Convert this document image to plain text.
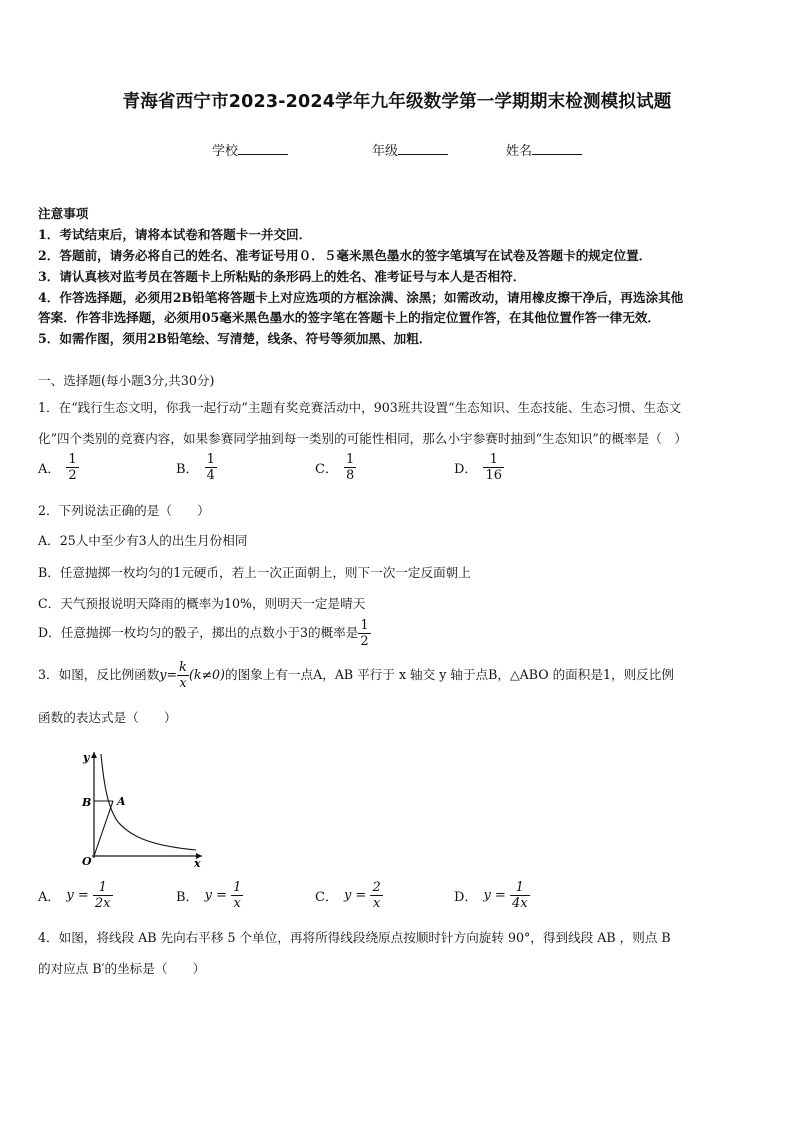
青海省西宁市2023-2024学年九年级数学第一学期期末检测模拟试题
学校	年级	姓名
注意事项
1．考试结束后，请将本试卷和答题卡一并交回．
2．答题前，请务必将自己的姓名、准考证号用０．５毫米黑色墨水的签字笔填写在试卷及答题卡的规定位置．
3．请认真核对监考员在答题卡上所粘贴的条形码上的姓名、准考证号与本人是否相符．
4．作答选择题，必须用2B铅笔将答题卡上对应选项的方框涂满、涂黑；如需改动，请用橡皮擦干净后，再选涂其他
答案．作答非选择题，必须用05毫米黑色墨水的签字笔在答题卡上的指定位置作答，在其他位置作答一律无效．
5．如需作图，须用2B铅笔绘、写清楚，线条、符号等须加黑、加粗．
一、选择题(每小题3分,共30分)
1．在“践行生态文明，你我一起行动”主题有奖竞赛活动中，903班共设置“生态知识、生态技能、生态习惯、生态文
化”四个类别的竞赛内容，如果参赛同学抽到每一类别的可能性相同，那么小宇参赛时抽到“生态知识”的概率是（　）
A． $\frac{1}{2}$	B． $\frac{1}{4}$	C． $\frac{1}{8}$	D． $\frac{1}{16}$
2．下列说法正确的是（　　）
A．25人中至少有3人的出生月份相同
B．任意抛掷一枚均匀的1元硬币，若上一次正面朝上，则下一次一定反面朝上
C．天气预报说明天降雨的概率为10%，则明天一定是晴天
D．任意抛掷一枚均匀的骰子，掷出的点数小于3的概率是 $\frac{1}{2}$
3．如图，反比例函数$y= \frac{k}{x} (k\ne 0)$的图象上有一点A，AB 平行于 x 轴交 y 轴于点B，△ABO 的面积是1，则反比例
函数的表达式是（　　）
y
x
O
B A
A． $y = \frac{1}{2x}$	B． $y = \frac{1}{x}$	C． $y = \frac{2}{x}$	D． $y = \frac{1}{4x}$
4．如图，将线段 AB 先向右平移 5 个单位，再将所得线段绕原点按顺时针方向旋转 90°，得到线段 AB ，则点 B
的对应点 B′的坐标是（　　）
